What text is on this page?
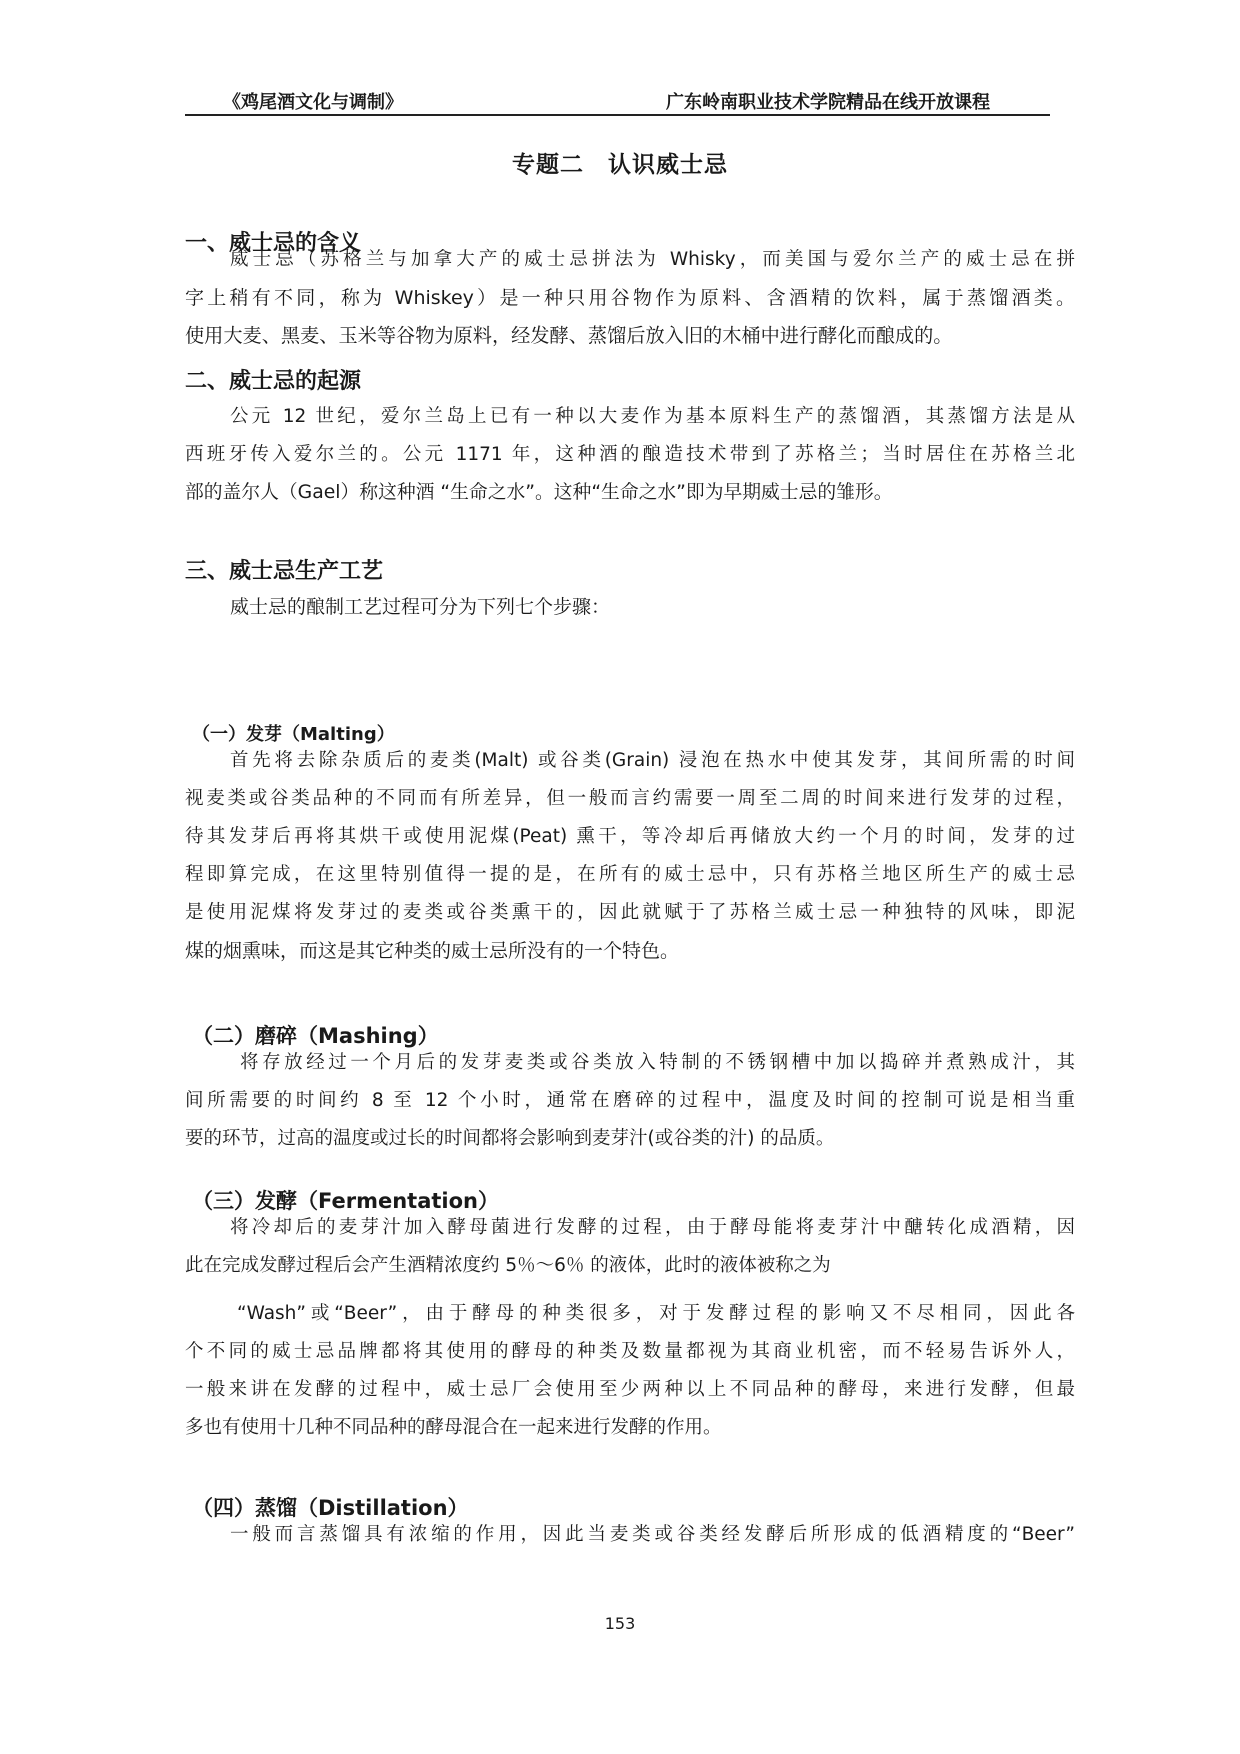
《鸡尾酒文化与调制》	广东岭南职业技术学院精品在线开放课程
专题二　认识威士忌
一、威士忌的含义
威士忌（苏格兰与加拿大产的威士忌拼法为 Whisky，而美国与爱尔兰产的威士忌在拼
字上稍有不同，称为 Whiskey）是一种只用谷物作为原料、含酒精的饮料，属于蒸馏酒类。
使用大麦、黑麦、玉米等谷物为原料，经发酵、蒸馏后放入旧的木桶中进行酵化而酿成的。
二、威士忌的起源
公元 12 世纪，爱尔兰岛上已有一种以大麦作为基本原料生产的蒸馏酒，其蒸馏方法是从
西班牙传入爱尔兰的。公元 1171 年，这种酒的酿造技术带到了苏格兰；当时居住在苏格兰北
部的盖尔人（Gael）称这种酒 “生命之水”。这种“生命之水”即为早期威士忌的雏形。
三、威士忌生产工艺
威士忌的酿制工艺过程可分为下列七个步骤：
（一）发芽（Malting）
首先将去除杂质后的麦类(Malt) 或谷类(Grain) 浸泡在热水中使其发芽，其间所需的时间
视麦类或谷类品种的不同而有所差异，但一般而言约需要一周至二周的时间来进行发芽的过程，
待其发芽后再将其烘干或使用泥煤(Peat) 熏干，等冷却后再储放大约一个月的时间，发芽的过
程即算完成，在这里特别值得一提的是，在所有的威士忌中，只有苏格兰地区所生产的威士忌
是使用泥煤将发芽过的麦类或谷类熏干的，因此就赋于了苏格兰威士忌一种独特的风味，即泥
煤的烟熏味，而这是其它种类的威士忌所没有的一个特色。
（二）磨碎（Mashing）
将存放经过一个月后的发芽麦类或谷类放入特制的不锈钢槽中加以捣碎并煮熟成汁，其
间所需要的时间约 8 至 12 个小时，通常在磨碎的过程中，温度及时间的控制可说是相当重
要的环节，过高的温度或过长的时间都将会影响到麦芽汁(或谷类的汁) 的品质。
（三）发酵（Fermentation）
将冷却后的麦芽汁加入酵母菌进行发酵的过程，由于酵母能将麦芽汁中醣转化成酒精，因
此在完成发酵过程后会产生酒精浓度约 5％～6％ 的液体，此时的液体被称之为
“Wash”或“Beer”，由于酵母的种类很多，对于发酵过程的影响又不尽相同，因此各
个不同的威士忌品牌都将其使用的酵母的种类及数量都视为其商业机密，而不轻易告诉外人，
一般来讲在发酵的过程中，威士忌厂会使用至少两种以上不同品种的酵母，来进行发酵，但最
多也有使用十几种不同品种的酵母混合在一起来进行发酵的作用。
（四）蒸馏（Distillation）
一般而言蒸馏具有浓缩的作用，因此当麦类或谷类经发酵后所形成的低酒精度的“Beer”
153
